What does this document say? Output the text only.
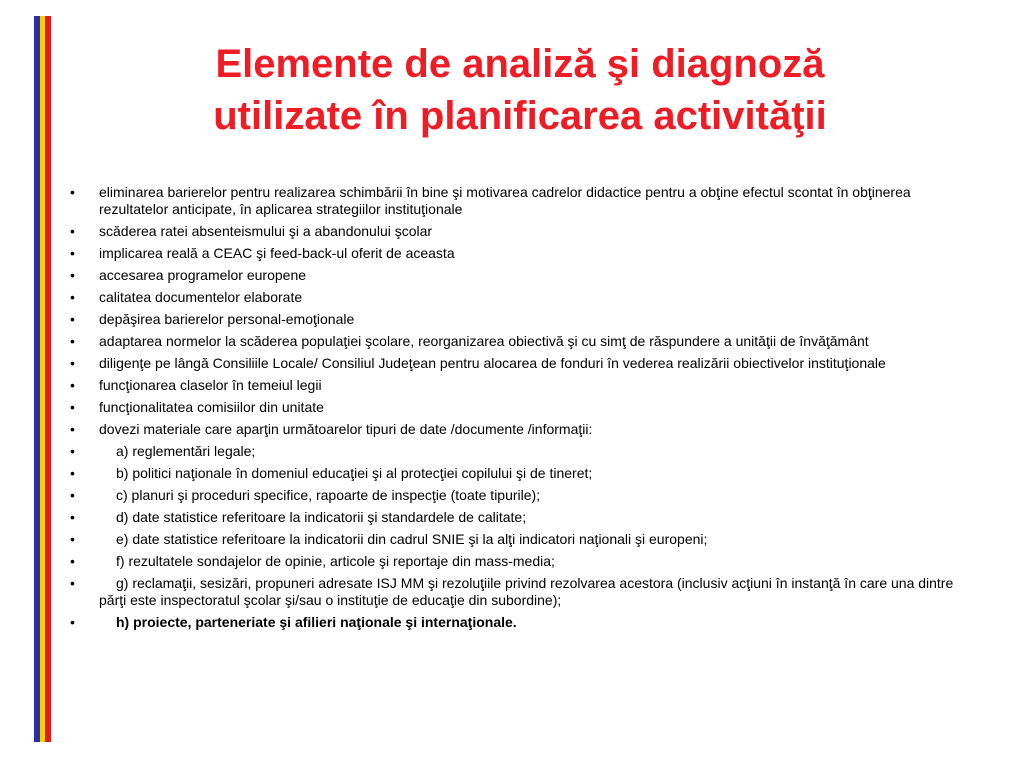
Elemente de analiză şi diagnoză
utilizate în planificarea activităţii
• eliminarea barierelor pentru realizarea schimbării în bine şi motivarea cadrelor didactice pentru a obţine efectul scontat în obţinerea rezultatelor anticipate, în aplicarea strategiilor instituţionale
• scăderea ratei absenteismului şi a abandonului şcolar
• implicarea reală a CEAC şi feed-back-ul oferit de aceasta
• accesarea programelor europene
• calitatea documentelor elaborate
• depăşirea barierelor personal-emoţionale
• adaptarea normelor la scăderea populaţiei şcolare, reorganizarea obiectivă şi cu simţ de răspundere a unităţii de învăţământ
• diligenţe pe lângă Consiliile Locale/ Consiliul Judeţean pentru alocarea de fonduri în vederea realizării obiectivelor instituţionale
• funcţionarea claselor în temeiul legii
• funcţionalitatea comisiilor din unitate
• dovezi materiale care aparţin următoarelor tipuri de date /documente /informaţii:
•	a) reglementări legale;
•	b) politici naţionale în domeniul educaţiei şi al protecţiei copilului şi de tineret;
•	c) planuri şi proceduri specifice, rapoarte de inspecţie (toate tipurile);
•	d) date statistice referitoare la indicatorii şi standardele de calitate;
•	e) date statistice referitoare la indicatorii din cadrul SNIE şi la alţi indicatori naţionali şi europeni;
•	f) rezultatele sondajelor de opinie, articole şi reportaje din mass-media;
•	g) reclamaţii, sesizări, propuneri adresate ISJ MM şi rezoluţiile privind rezolvarea acestora (inclusiv acţiuni în instanţă în care una dintre părţi este inspectoratul şcolar şi/sau o instituţie de educaţie din subordine);
•	h) proiecte, parteneriate şi afilieri naţionale şi internaţionale.
